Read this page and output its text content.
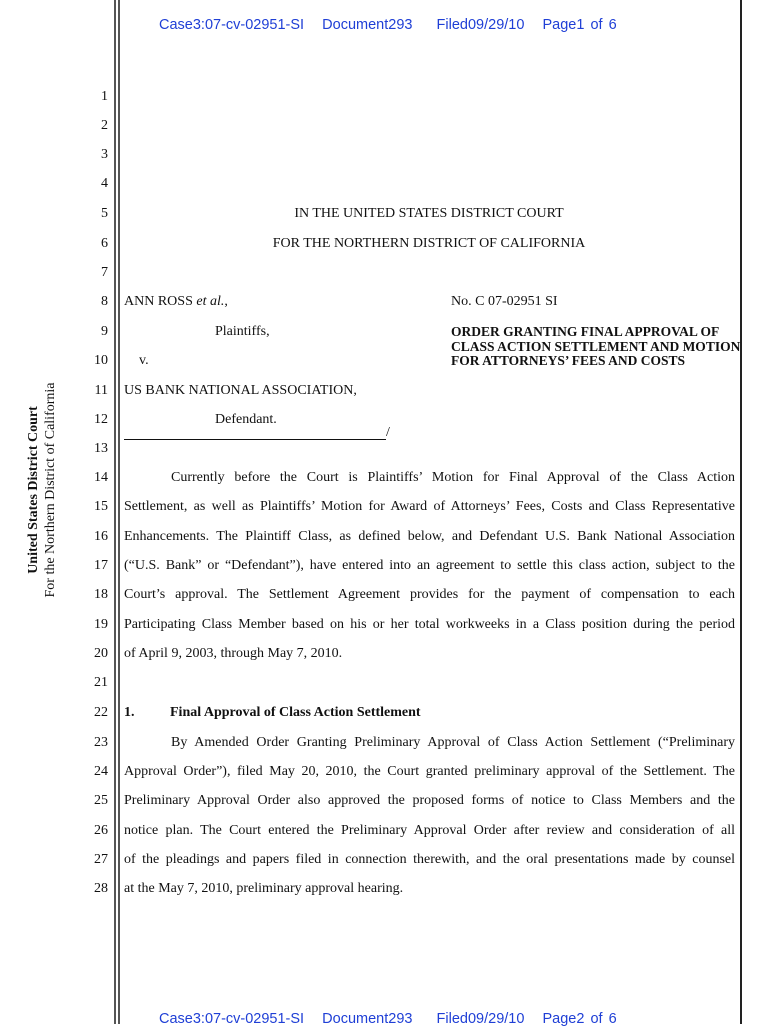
Case3:07-cv-02951-SI   Document293    Filed09/29/10   Page1 of 6
Case3:07-cv-02951-SI   Document293    Filed09/29/10   Page2 of 6
United States District Court For the Northern District of California
1
2
3
4
5
6
7
8
9
10
11
12
13
14
15
16
17
18
19
20
21
22
23
24
25
26
27
28
IN THE UNITED STATES DISTRICT COURT
FOR THE NORTHERN DISTRICT OF CALIFORNIA
ANN ROSS et al.,
Plaintiffs,
v.
US BANK NATIONAL ASSOCIATION,
Defendant.
/
No. C 07-02951 SI
ORDER GRANTING FINAL APPROVAL OF CLASS ACTION SETTLEMENT AND MOTION FOR ATTORNEYS’ FEES AND COSTS
Currently before the Court is Plaintiffs’ Motion for Final Approval of the Class Action
Settlement, as well as Plaintiffs’ Motion for Award of Attorneys’ Fees, Costs and Class Representative
Enhancements. The Plaintiff Class, as defined below, and Defendant U.S. Bank National Association
(“U.S. Bank” or “Defendant”), have entered into an agreement to settle this class action, subject to the
Court’s approval. The Settlement Agreement provides for the payment of compensation to each
Participating Class Member based on his or her total workweeks in a Class position during the period
of April 9, 2003, through May 7, 2010.
1.	Final Approval of Class Action Settlement
By Amended Order Granting Preliminary Approval of Class Action Settlement (“Preliminary
Approval Order”), filed May 20, 2010, the Court granted preliminary approval of the Settlement. The
Preliminary Approval Order also approved the proposed forms of notice to Class Members and the
notice plan. The Court entered the Preliminary Approval Order after review and consideration of all
of the pleadings and papers filed in connection therewith, and the oral presentations made by counsel
at the May 7, 2010, preliminary approval hearing.
